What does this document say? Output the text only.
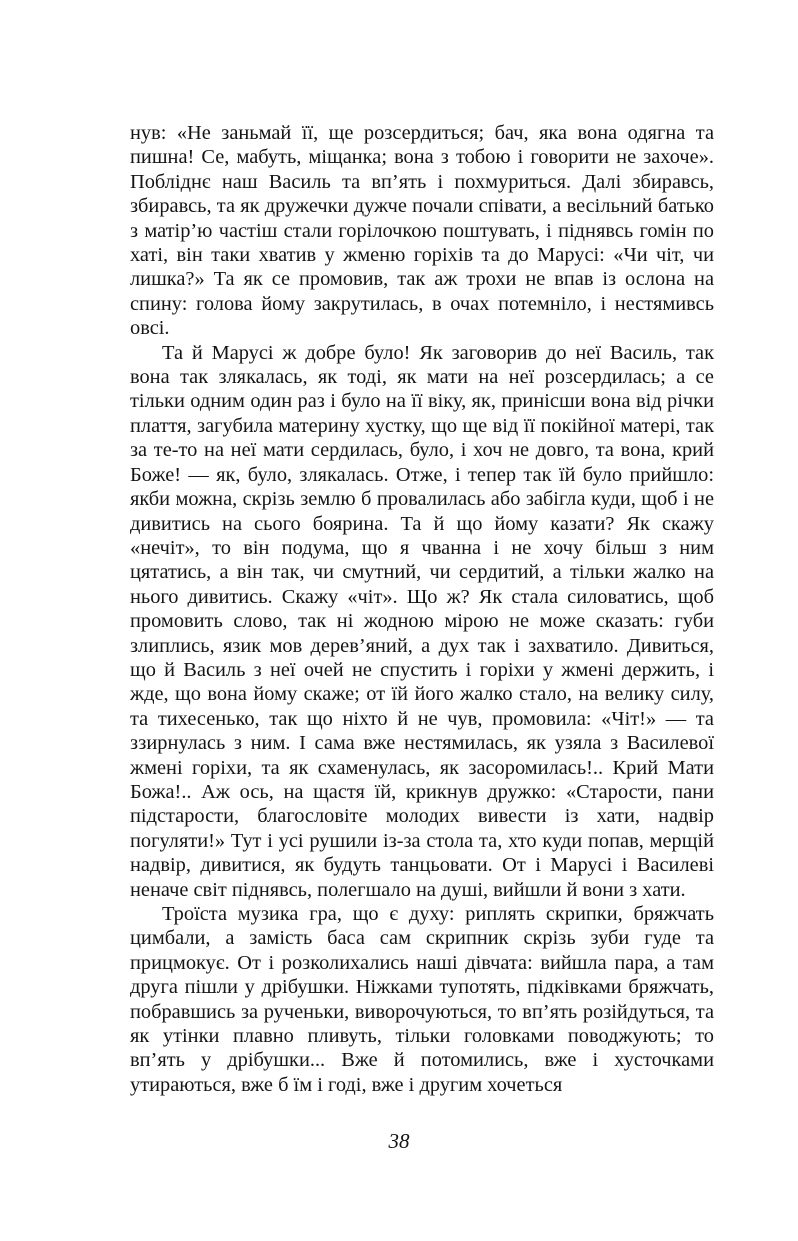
нув: «Не заньмай її, ще розсердиться; бач, яка вона одягна та пишна! Се, мабуть, міщанка; вона з тобою і говорити не захоче». Побліднє наш Василь та вп’ять і похмуриться. Далі збиравсь, збиравсь, та як дружечки дужче почали співати, а весільний батько з матір’ю частіш стали горілочкою поштувать, і піднявсь гомін по хаті, він таки хватив у жменю горіхів та до Марусі: «Чи чіт, чи лишка?» Та як се промовив, так аж трохи не впав із ослона на спину: голова йому закрутилась, в очах потемніло, і нестямивсь овсі.

Та й Марусі ж добре було! Як заговорив до неї Василь, так вона так злякалась, як тоді, як мати на неї розсердилась; а се тільки одним один раз і було на її віку, як, принісши вона від річки плаття, загубила материну хустку, що ще від її покійної матері, так за те-то на неї мати сердилась, було, і хоч не довго, та вона, крий Боже! — як, було, злякалась. Отже, і тепер так їй було прийшло: якби можна, скрізь землю б провалилась або забігла куди, щоб і не дивитись на сього боярина. Та й що йому казати? Як скажу «нечіт», то він подума, що я чванна і не хочу більш з ним цятатись, а він так, чи смутний, чи сердитий, а тільки жалко на нього дивитись. Скажу «чіт». Що ж? Як стала силоватись, щоб промовить слово, так ні жодною мірою не може сказать: губи злиплись, язик мов дерев’яний, а дух так і захватило. Дивиться, що й Василь з неї очей не спустить і горіхи у жмені держить, і жде, що вона йому скаже; от їй його жалко стало, на велику силу, та тихесенько, так що ніхто й не чув, промовила: «Чіт!» — та ззирнулась з ним. І сама вже нестямилась, як узяла з Василевої жмені горіхи, та як схаменулась, як засоромилась!.. Крий Мати Божа!.. Аж ось, на щастя їй, крикнув дружко: «Старости, пани підстарости, благословіте молодих вивести із хати, надвір погуляти!» Тут і усі рушили із-за стола та, хто куди попав, мерщій надвір, дивитися, як будуть танцьовати. От і Марусі і Василеві неначе світ піднявсь, полегшало на душі, вийшли й вони з хати.

Троїста музика гра, що є духу: риплять скрипки, бряжчать цимбали, а замість баса сам скрипник скрізь зуби гуде та прицмокує. От і розколихались наші дівчата: вийшла пара, а там друга пішли у дрібушки. Ніжками тупотять, підківками бряжчать, побравшись за рученьки, виворочуються, то вп’ять розійдуться, та як утінки плавно пливуть, тільки головками поводжують; то вп’ять у дрібушки... Вже й потомились, вже і хусточками утираються, вже б їм і годі, вже і другим хочеться

38
